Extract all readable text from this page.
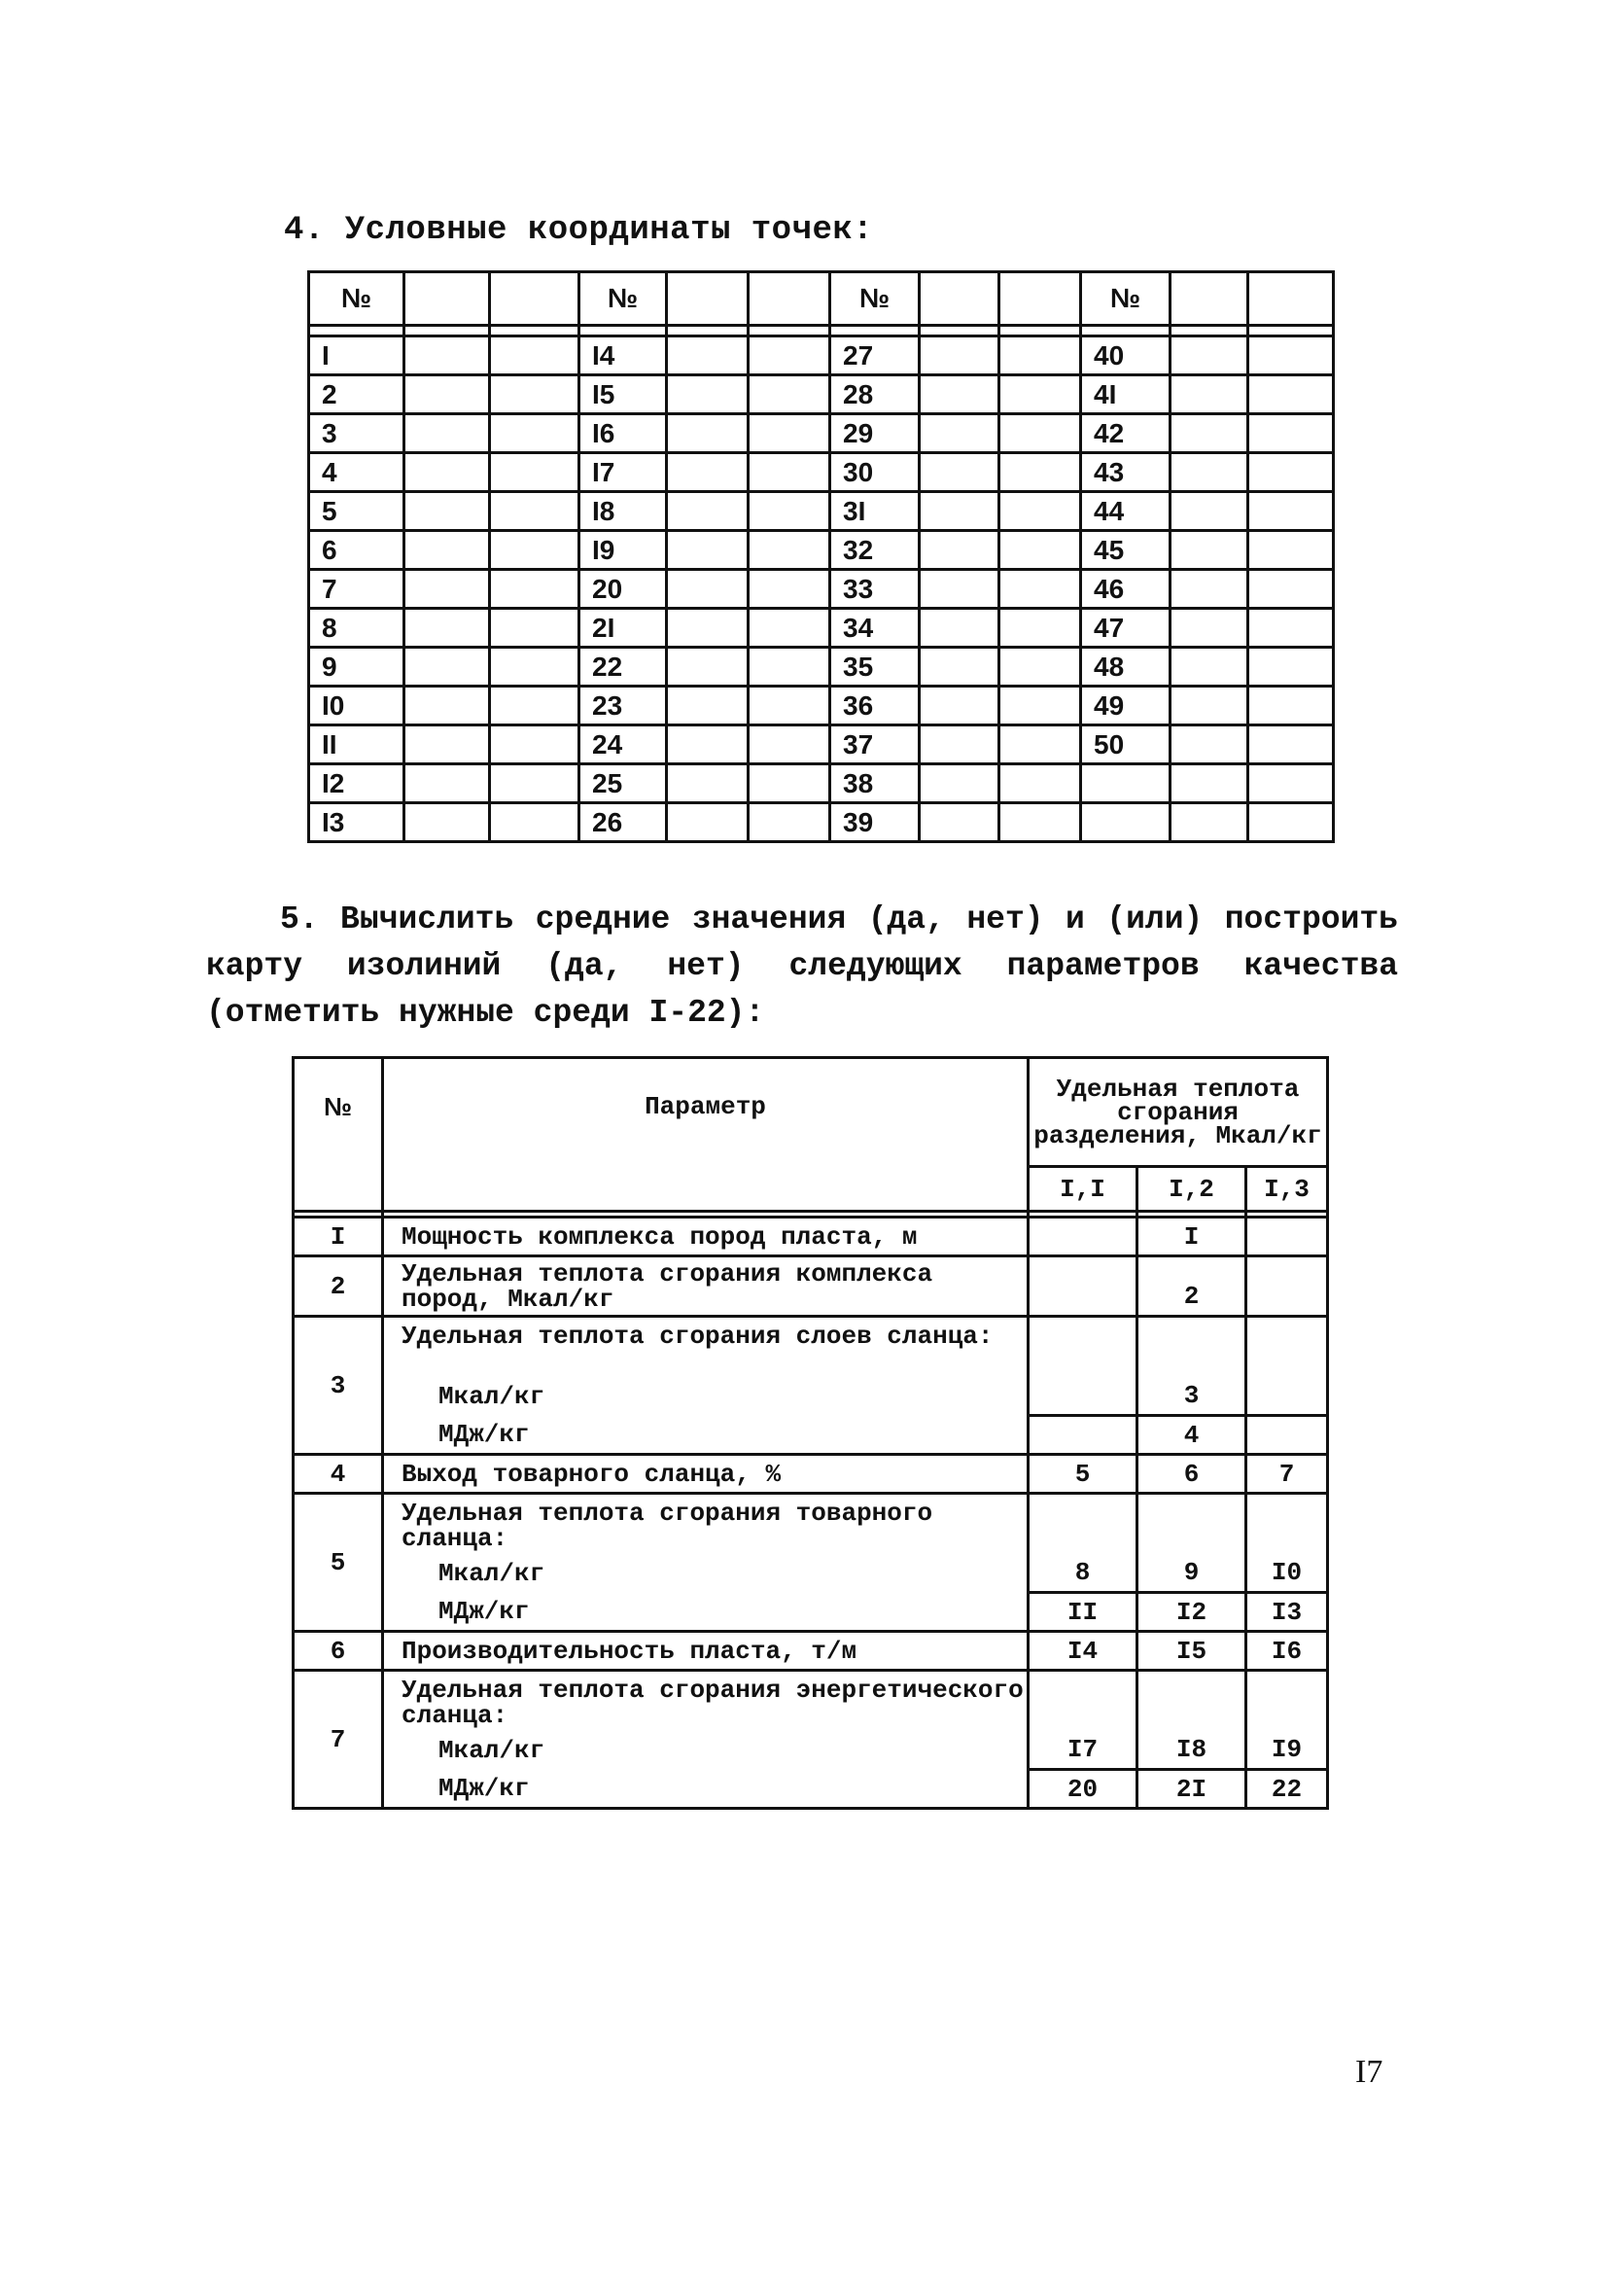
4. Условные координаты точек:
№			№			№			№		

I			I4			27			40		
2			I5			28			4I		
3			I6			29			42		
4			I7			30			43		
5			I8			3I			44		
6			I9			32			45		
7			20			33			46		
8			2I			34			47		
9			22			35			48		
I0			23			36			49		
II			24			37			50		
I2			25			38					
I3			26			39					
5. Вычислить средние значения (да, нет) и (или) построить карту изолиний (да, нет) следующих параметров качества (отметить нужные среди I-22):
№	Параметр	Удельная теплота сгорания разделения, Мкал/кг		
		I,I	I,2	I,3

I	Мощность комплекса пород пласта, м		I	
2	Удельная теплота сгорания комплекса пород, Мкал/кг		2	
3	Удельная теплота сгорания слоев сланца:			
	Мкал/кг		3	
	МДж/кг		4	
4	Выход товарного сланца, %	5	6	7
5	Удельная теплота сгорания товарного сланца:			
	Мкал/кг	8	9	I0
	МДж/кг	II	I2	I3
6	Производительность пласта, т/м	I4	I5	I6
7	Удельная теплота сгорания энергетического сланца:			
	Мкал/кг	I7	I8	I9
	МДж/кг	20	2I	22
I7
